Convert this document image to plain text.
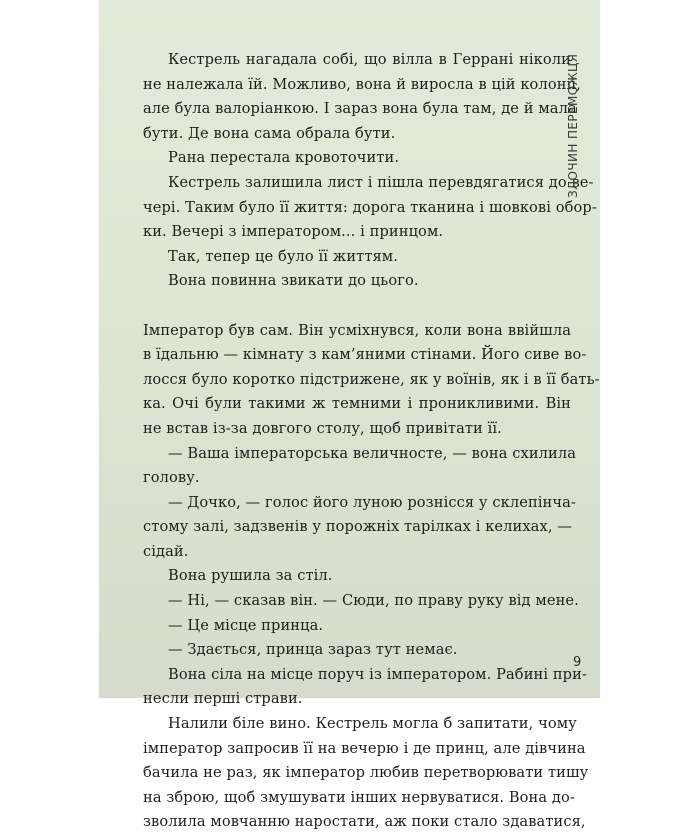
Кестрель нагадала собі, що вілла в Геррані ніколи
не належала їй. Можливо, вона й виросла в цій колонії,
але була валоріанкою. І зараз вона була там, де й мала
бути. Де вона сама обрала бути.
Рана перестала кровоточити.
Кестрель залишила лист і пішла перевдягатися до ве-
чері. Таким було її життя: дорога тканина і шовкові обор-
ки. Вечері з імператором... і принцом.
Так, тепер це було її життям.
Вона повинна звикати до цього.
Імператор був сам. Він усміхнувся, коли вона ввійшла
в їдальню — кімнату з кам’яними стінами. Його сиве во-
лосся було коротко підстрижене, як у воїнів, як і в її бать-
ка. Очі були такими ж темними і проникливими. Він
не встав із-за довгого столу, щоб привітати її.
— Ваша імператорська величносте, — вона схилила
голову.
— Дочко, — голос його луною рознісся у склепінча-
стому залі, задзвенів у порожніх тарілках і келихах, —
сідай.
Вона рушила за стіл.
— Ні, — сказав він. — Сюди, по праву руку від мене.
— Це місце принца.
— Здається, принца зараз тут немає.
Вона сіла на місце поруч із імператором. Рабині при-
несли перші страви.
Налили біле вино. Кестрель могла б запитати, чому
імператор запросив її на вечерю і де принц, але дівчина
бачила не раз, як імператор любив перетворювати тишу
на зброю, щоб змушувати інших нервуватися. Вона до-
зволила мовчанню наростати, аж поки стало здаватися,
ЗЛОЧИН ПЕРЕМОЖЦЯ
9
